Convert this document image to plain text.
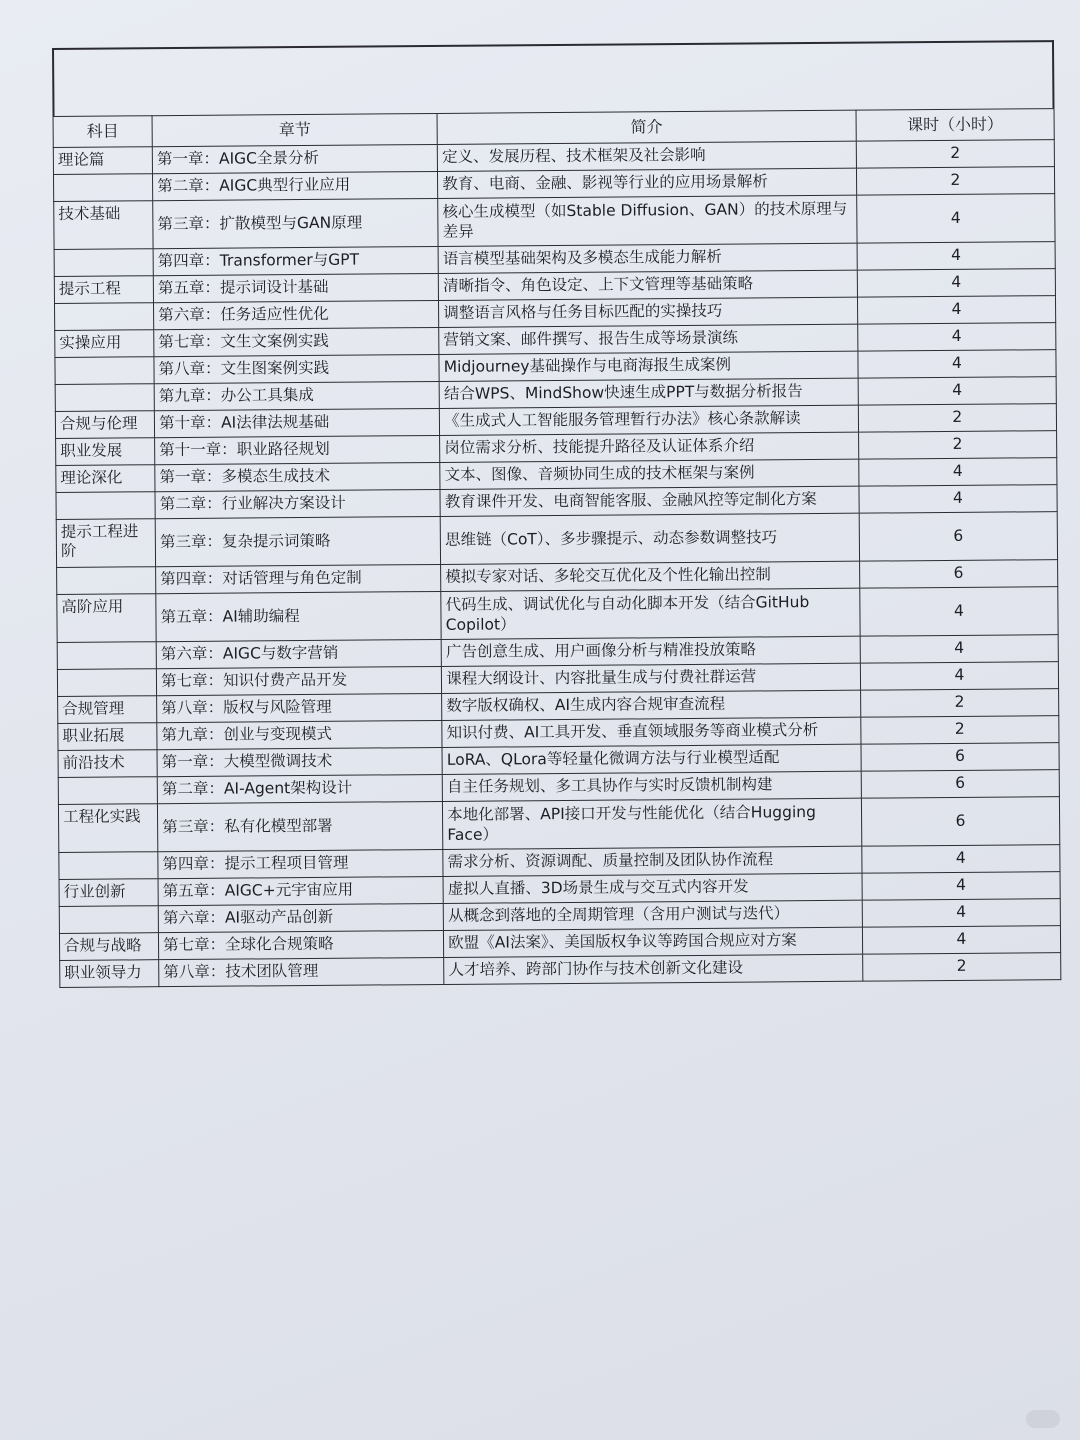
科目	章节	简介	课时（小时）
理论篇	第一章：AIGC全景分析	定义、发展历程、技术框架及社会影响	2
	第二章：AIGC典型行业应用	教育、电商、金融、影视等行业的应用场景解析	2
技术基础	第三章：扩散模型与GAN原理	核心生成模型（如Stable Diffusion、GAN）的技术原理与差异	4
	第四章：Transformer与GPT	语言模型基础架构及多模态生成能力解析	4
提示工程	第五章：提示词设计基础	清晰指令、角色设定、上下文管理等基础策略	4
	第六章：任务适应性优化	调整语言风格与任务目标匹配的实操技巧	4
实操应用	第七章：文生文案例实践	营销文案、邮件撰写、报告生成等场景演练	4
	第八章：文生图案例实践	Midjourney基础操作与电商海报生成案例	4
	第九章：办公工具集成	结合WPS、MindShow快速生成PPT与数据分析报告	4
合规与伦理	第十章：AI法律法规基础	《生成式人工智能服务管理暂行办法》核心条款解读	2
职业发展	第十一章：职业路径规划	岗位需求分析、技能提升路径及认证体系介绍	2
理论深化	第一章：多模态生成技术	文本、图像、音频协同生成的技术框架与案例	4
	第二章：行业解决方案设计	教育课件开发、电商智能客服、金融风控等定制化方案	4
提示工程进阶	第三章：复杂提示词策略	思维链（CoT）、多步骤提示、动态参数调整技巧	6
	第四章：对话管理与角色定制	模拟专家对话、多轮交互优化及个性化输出控制	6
高阶应用	第五章：AI辅助编程	代码生成、调试优化与自动化脚本开发（结合GitHub Copilot）	4
	第六章：AIGC与数字营销	广告创意生成、用户画像分析与精准投放策略	4
	第七章：知识付费产品开发	课程大纲设计、内容批量生成与付费社群运营	4
合规管理	第八章：版权与风险管理	数字版权确权、AI生成内容合规审查流程	2
职业拓展	第九章：创业与变现模式	知识付费、AI工具开发、垂直领域服务等商业模式分析	2
前沿技术	第一章：大模型微调技术	LoRA、QLora等轻量化微调方法与行业模型适配	6
	第二章：AI-Agent架构设计	自主任务规划、多工具协作与实时反馈机制构建	6
工程化实践	第三章：私有化模型部署	本地化部署、API接口开发与性能优化（结合Hugging Face）	6
	第四章：提示工程项目管理	需求分析、资源调配、质量控制及团队协作流程	4
行业创新	第五章：AIGC+元宇宙应用	虚拟人直播、3D场景生成与交互式内容开发	4
	第六章：AI驱动产品创新	从概念到落地的全周期管理（含用户测试与迭代）	4
合规与战略	第七章：全球化合规策略	欧盟《AI法案》、美国版权争议等跨国合规应对方案	4
职业领导力	第八章：技术团队管理	人才培养、跨部门协作与技术创新文化建设	2
